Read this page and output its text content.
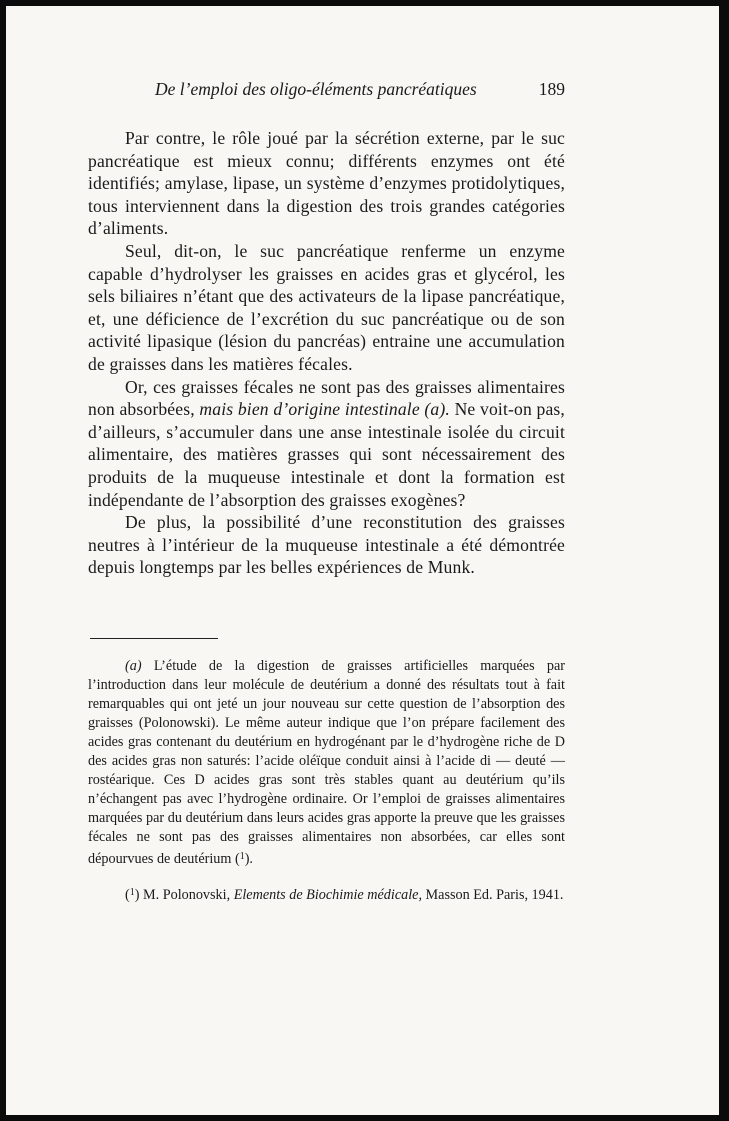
De l’emploi des oligo-éléments pancréatiques	189

Par contre, le rôle joué par la sécrétion externe, par le suc pancréatique est mieux connu; différents enzymes ont été identifiés; amylase, lipase, un système d’enzymes protidolytiques, tous interviennent dans la digestion des trois grandes catégories d’aliments.

Seul, dit-on, le suc pancréatique renferme un enzyme capable d’hydrolyser les graisses en acides gras et glycérol, les sels biliaires n’étant que des activateurs de la lipase pancréatique, et, une déficience de l’excrétion du suc pancréatique ou de son activité lipasique (lésion du pancréas) entraine une accumulation de graisses dans les matières fécales.

Or, ces graisses fécales ne sont pas des graisses alimentaires non absorbées, mais bien d’origine intestinale (a). Ne voit-on pas, d’ailleurs, s’accumuler dans une anse intestinale isolée du circuit alimentaire, des matières grasses qui sont nécessairement des produits de la muqueuse intestinale et dont la formation est indépendante de l’absorption des graisses exogènes?

De plus, la possibilité d’une reconstitution des graisses neutres à l’intérieur de la muqueuse intestinale a été démontrée depuis longtemps par les belles expériences de Munk.

(a) L’étude de la digestion de graisses artificielles marquées par l’introduction dans leur molécule de deutérium a donné des résultats tout à fait remarquables qui ont jeté un jour nouveau sur cette question de l’absorption des graisses (Polonowski). Le même auteur indique que l’on prépare facilement des acides gras contenant du deutérium en hydrogénant par le d’hydrogène riche de D des acides gras non saturés: l’acide oléïque conduit ainsi à l’acide di — deuté — rostéarique. Ces D acides gras sont très stables quant au deutérium qu’ils n’échangent pas avec l’hydrogène ordinaire. Or l’emploi de graisses alimentaires marquées par du deutérium dans leurs acides gras apporte la preuve que les graisses fécales ne sont pas des graisses alimentaires non absorbées, car elles sont dépourvues de deutérium ($^1$).

($^1$) M. Polonovski, Elements de Biochimie médicale, Masson Ed. Paris, 1941.
